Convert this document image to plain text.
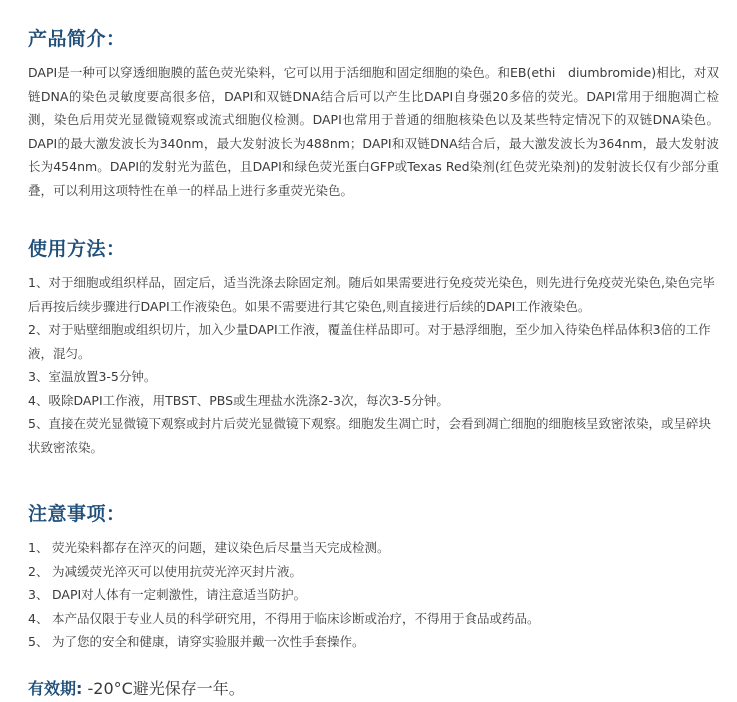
产品简介：

DAPI是一种可以穿透细胞膜的蓝色荧光染料，它可以用于活细胞和固定细胞的染色。和EB(ethi　diumbromide)相比，对双链DNA的染色灵敏度要高很多倍，DAPI和双链DNA结合后可以产生比DAPI自身强20多倍的荧光。DAPI常用于细胞凋亡检测，染色后用荧光显微镜观察或流式细胞仪检测。DAPI也常用于普通的细胞核染色以及某些特定情况下的双链DNA染色。DAPI的最大激发波长为340nm，最大发射波长为488nm；DAPI和双链DNA结合后，最大激发波长为364nm，最大发射波长为454nm。DAPI的发射光为蓝色，且DAPI和绿色荧光蛋白GFP或Texas Red染剂(红色荧光染剂)的发射波长仅有少部分重叠，可以利用这项特性在单一的样品上进行多重荧光染色。

使用方法：
1、对于细胞或组织样品，固定后，适当洗涤去除固定剂。随后如果需要进行免疫荧光染色，则先进行免疫荧光染色,染色完毕后再按后续步骤进行DAPI工作液染色。如果不需要进行其它染色,则直接进行后续的DAPI工作液染色。
2、对于贴壁细胞或组织切片，加入少量DAPI工作液，覆盖住样品即可。对于悬浮细胞，至少加入待染色样品体积3倍的工作液，混匀。
3、室温放置3-5分钟。
4、吸除DAPI工作液，用TBST、PBS或生理盐水洗涤2-3次，每次3-5分钟。
5、直接在荧光显微镜下观察或封片后荧光显微镜下观察。细胞发生凋亡时，会看到凋亡细胞的细胞核呈致密浓染，或呈碎块状致密浓染。
注意事项：
1、 荧光染料都存在淬灭的问题，建议染色后尽量当天完成检测。
2、 为减缓荧光淬灭可以使用抗荧光淬灭封片液。
3、 DAPI对人体有一定刺激性，请注意适当防护。
4、 本产品仅限于专业人员的科学研究用，不得用于临床诊断或治疗，不得用于食品或药品。
5、 为了您的安全和健康，请穿实验服并戴一次性手套操作。
有效期: -20°C避光保存一年。
